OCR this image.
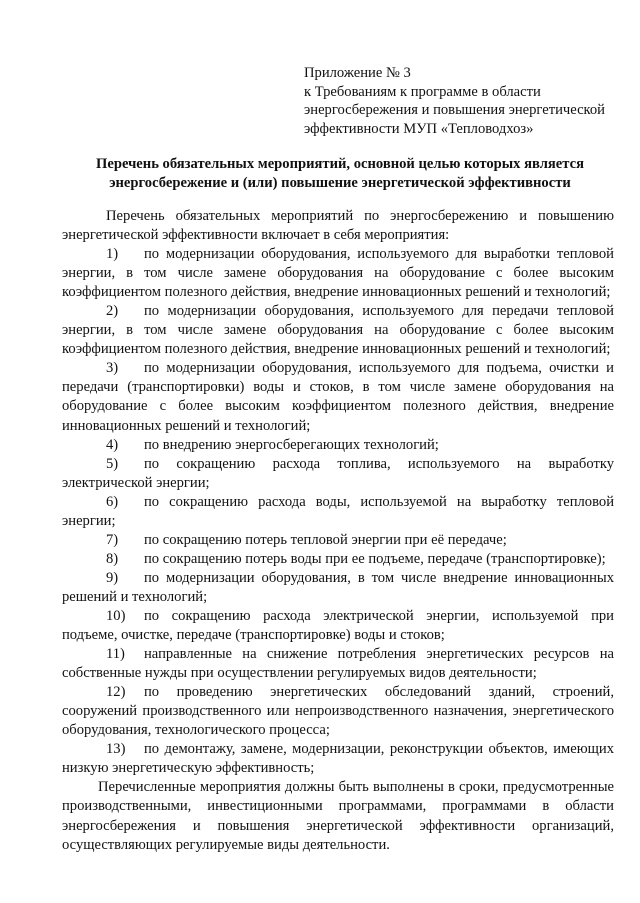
Приложение № 3
к Требованиям к программе в области
энергосбережения и повышения энергетической
эффективности МУП «Тепловодхоз»
Перечень обязательных мероприятий, основной целью которых является
энергосбережение и (или) повышение энергетической эффективности

Перечень обязательных мероприятий по энергосбережению и повышению энергетической эффективности включает в себя мероприятия:

1) по модернизации оборудования, используемого для выработки тепловой энергии, в том числе замене оборудования на оборудование с более высоким коэффициентом полезного действия, внедрение инновационных решений и технологий;

2) по модернизации оборудования, используемого для передачи тепловой энергии, в том числе замене оборудования на оборудование с более высоким коэффициентом полезного действия, внедрение инновационных решений и технологий;

3) по модернизации оборудования, используемого для подъема, очистки и передачи (транспортировки) воды и стоков, в том числе замене оборудования на оборудование с более высоким коэффициентом полезного действия, внедрение инновационных решений и технологий;

4) по внедрению энергосберегающих технологий;

5) по сокращению расхода топлива, используемого на выработку электрической энергии;

6) по сокращению расхода воды, используемой на выработку тепловой энергии;

7) по сокращению потерь тепловой энергии при её передаче;

8) по сокращению потерь воды при ее подъеме, передаче (транспортировке);

9) по модернизации оборудования, в том числе внедрение инновационных решений и технологий;

10) по сокращению расхода электрической энергии, используемой при подъеме, очистке, передаче (транспортировке) воды и стоков;

11) направленные на снижение потребления энергетических ресурсов на собственные нужды при осуществлении регулируемых видов деятельности;

12) по проведению энергетических обследований зданий, строений, сооружений производственного или непроизводственного назначения, энергетического оборудования, технологического процесса;

13) по демонтажу, замене, модернизации, реконструкции объектов, имеющих низкую энергетическую эффективность;

Перечисленные мероприятия должны быть выполнены в сроки, предусмотренные производственными, инвестиционными программами, программами в области энергосбережения и повышения энергетической эффективности организаций, осуществляющих регулируемые виды деятельности.
